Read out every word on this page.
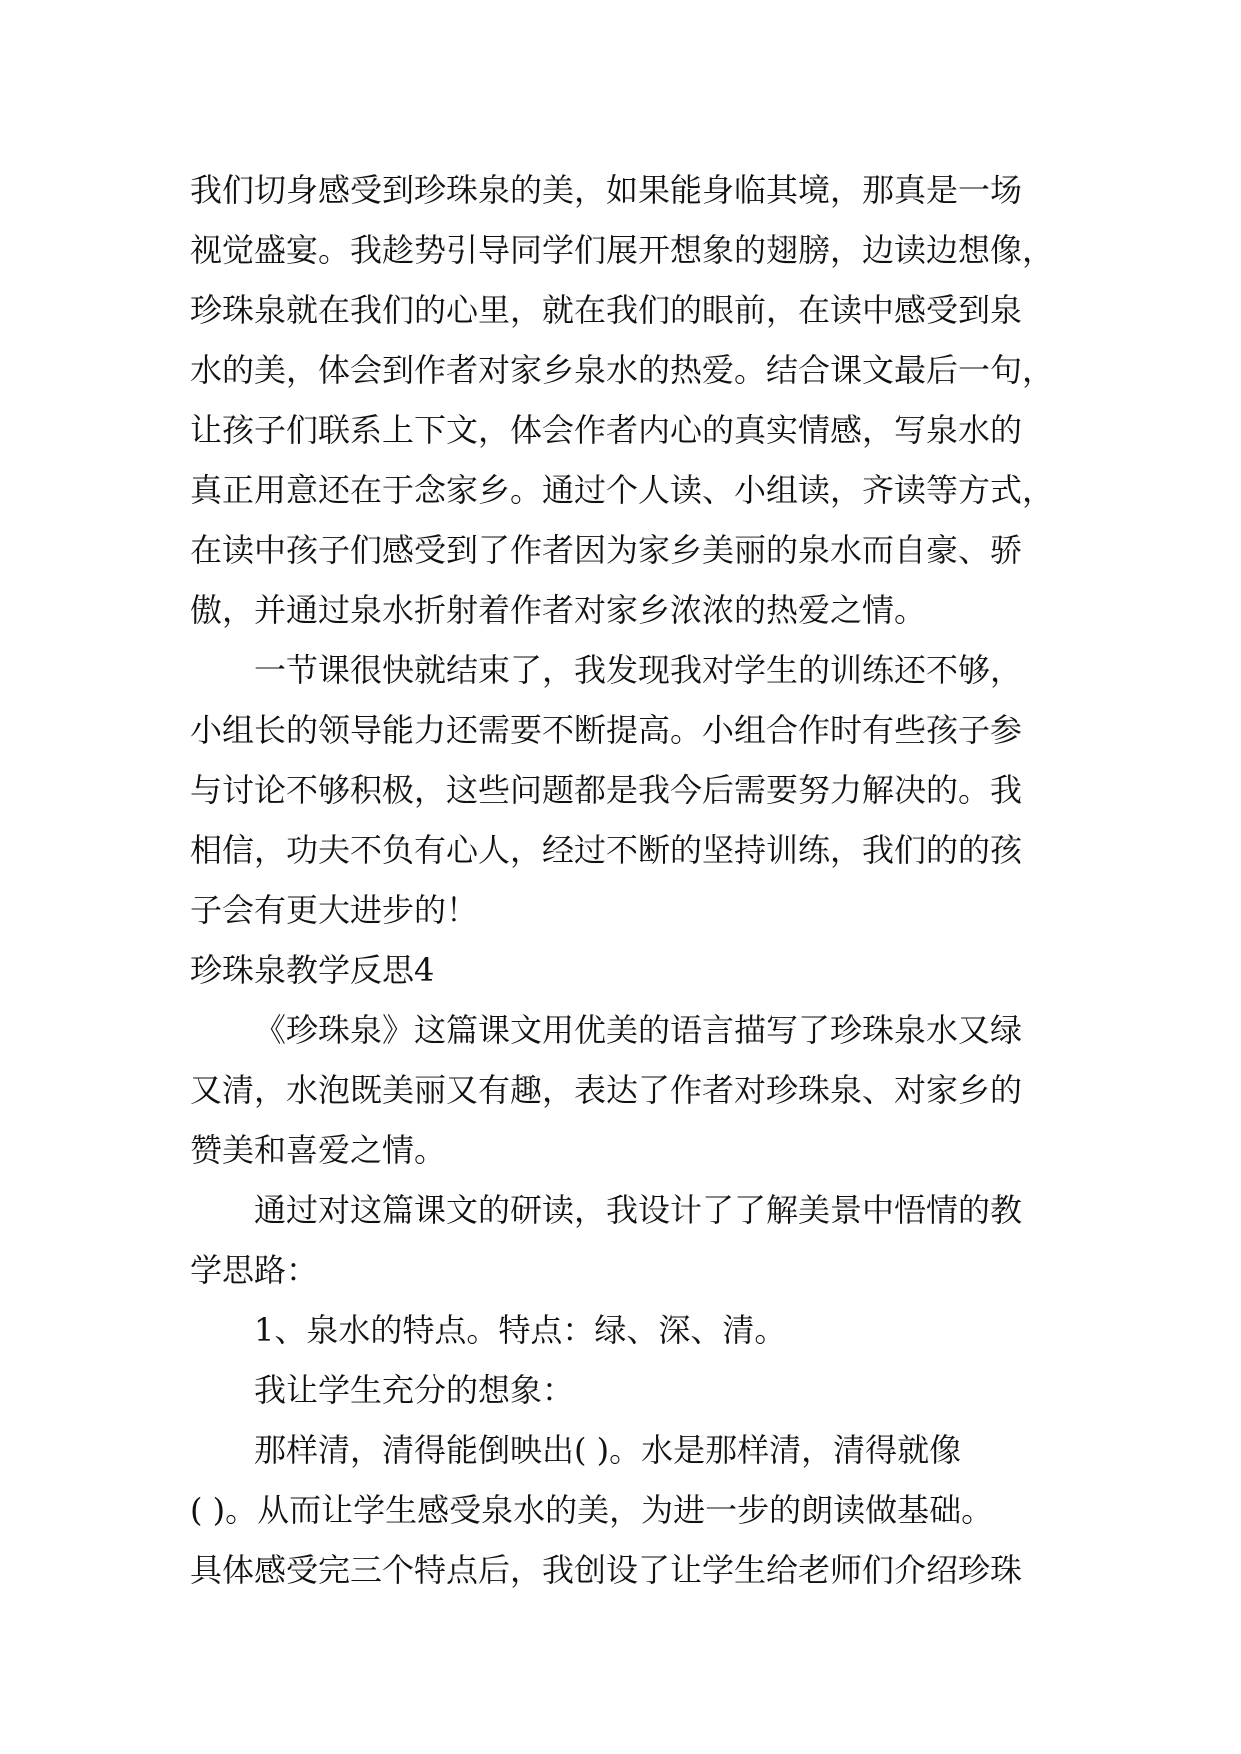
我们切身感受到珍珠泉的美，如果能身临其境，那真是一场
视觉盛宴。我趁势引导同学们展开想象的翅膀，边读边想像，
珍珠泉就在我们的心里，就在我们的眼前，在读中感受到泉
水的美，体会到作者对家乡泉水的热爱。结合课文最后一句，
让孩子们联系上下文，体会作者内心的真实情感，写泉水的
真正用意还在于念家乡。通过个人读、小组读，齐读等方式，
在读中孩子们感受到了作者因为家乡美丽的泉水而自豪、骄
傲，并通过泉水折射着作者对家乡浓浓的热爱之情。
一节课很快就结束了，我发现我对学生的训练还不够，
小组长的领导能力还需要不断提高。小组合作时有些孩子参
与讨论不够积极，这些问题都是我今后需要努力解决的。我
相信，功夫不负有心人，经过不断的坚持训练，我们的的孩
子会有更大进步的！
珍珠泉教学反思4
《珍珠泉》这篇课文用优美的语言描写了珍珠泉水又绿
又清，水泡既美丽又有趣，表达了作者对珍珠泉、对家乡的
赞美和喜爱之情。
通过对这篇课文的研读，我设计了了解美景中悟情的教
学思路：
1、泉水的特点。特点：绿、深、清。
我让学生充分的想象：
那样清，清得能倒映出( )。水是那样清，清得就像
( )。从而让学生感受泉水的美，为进一步的朗读做基础。
具体感受完三个特点后，我创设了让学生给老师们介绍珍珠
